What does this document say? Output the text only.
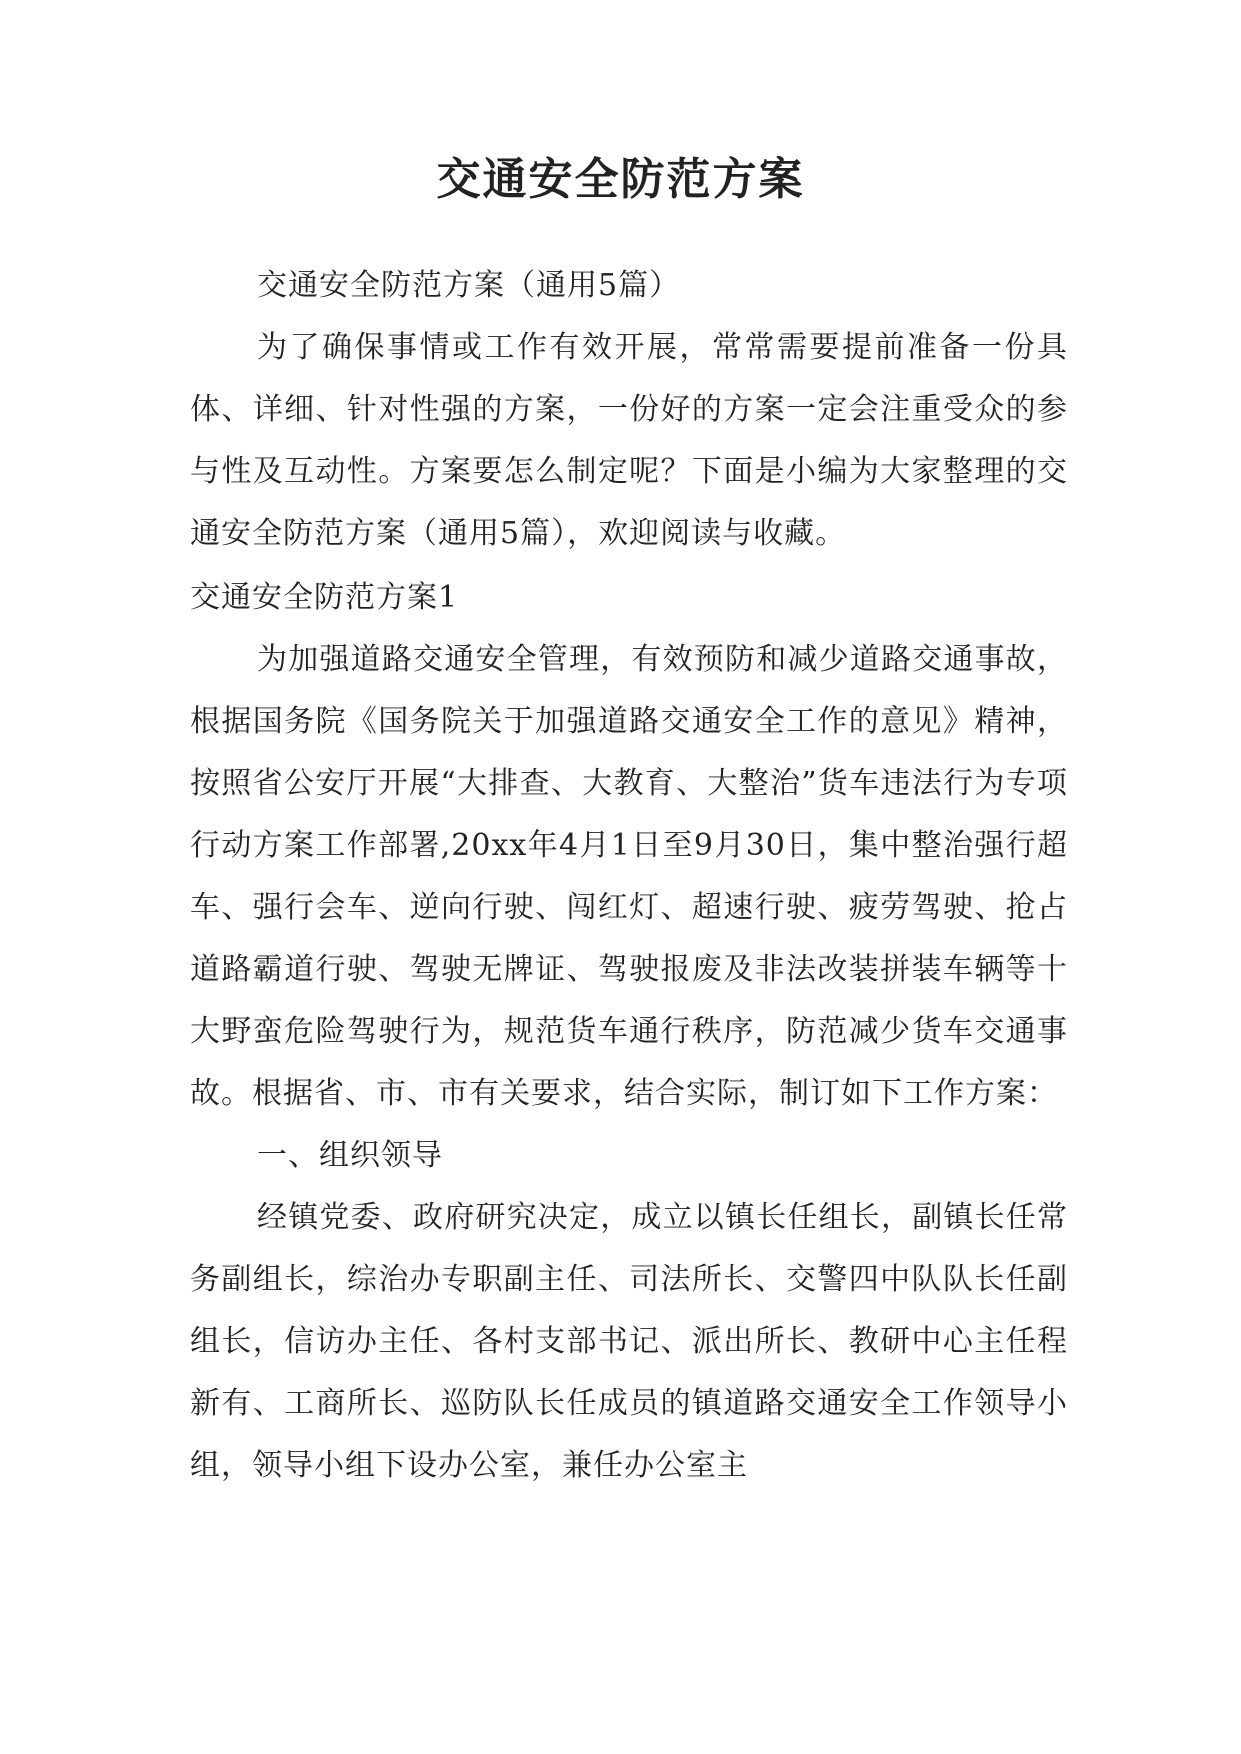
交通安全防范方案

交通安全防范方案（通用5篇）

为了确保事情或工作有效开展，常常需要提前准备一份具体、详细、针对性强的方案，一份好的方案一定会注重受众的参与性及互动性。方案要怎么制定呢？下面是小编为大家整理的交通安全防范方案（通用5篇），欢迎阅读与收藏。

交通安全防范方案1

为加强道路交通安全管理，有效预防和减少道路交通事故，根据国务院《国务院关于加强道路交通安全工作的意见》精神，按照省公安厅开展“大排查、大教育、大整治”货车违法行为专项行动方案工作部署,20xx年4月1日至9月30日，集中整治强行超车、强行会车、逆向行驶、闯红灯、超速行驶、疲劳驾驶、抢占道路霸道行驶、驾驶无牌证、驾驶报废及非法改装拼装车辆等十大野蛮危险驾驶行为，规范货车通行秩序，防范减少货车交通事故。根据省、市、市有关要求，结合实际，制订如下工作方案：

一、组织领导

经镇党委、政府研究决定，成立以镇长任组长，副镇长任常务副组长，综治办专职副主任、司法所长、交警四中队队长任副组长，信访办主任、各村支部书记、派出所长、教研中心主任程新有、工商所长、巡防队长任成员的镇道路交通安全工作领导小组，领导小组下设办公室，兼任办公室主
